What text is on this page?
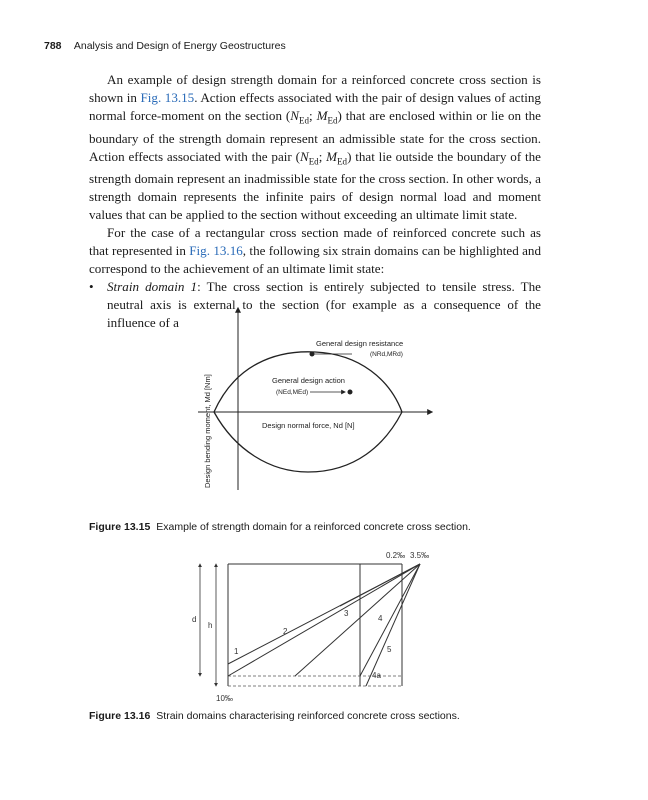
788 Analysis and Design of Energy Geostructures

An example of design strength domain for a reinforced concrete cross section is shown in Fig. 13.15. Action effects associated with the pair of design values of acting normal force-moment on the section ($N_{Ed}$; $M_{Ed}$) that are enclosed within or lie on the boundary of the strength domain represent an admissible state for the cross section. Action effects associated with the pair ($N_{Ed}$; $M_{Ed}$) that lie outside the boundary of the strength domain represent an inadmissible state for the cross section. In other words, a strength domain represents the infinite pairs of design normal load and moment values that can be applied to the section without exceeding an ultimate limit state.

For the case of a rectangular cross section made of reinforced concrete such as that represented in Fig. 13.16, the following six strain domains can be highlighted and correspond to the achievement of an ultimate limit state:

•	Strain domain 1: The cross section is entirely subjected to tensile stress. The neutral axis is external to the section (for example as a consequence of the influence of a
General design resistance
(NRd,MRd)
General design action
(NEd,MEd)
Design normal force, Nd [N]
Design bending moment, Md [Nm]
Figure 13.15 Example of strength domain for a reinforced concrete cross section.
0.2‰ 3.5‰
d
h
1
2
3
4
5
4a
10‰
Figure 13.16 Strain domains characterising reinforced concrete cross sections.
